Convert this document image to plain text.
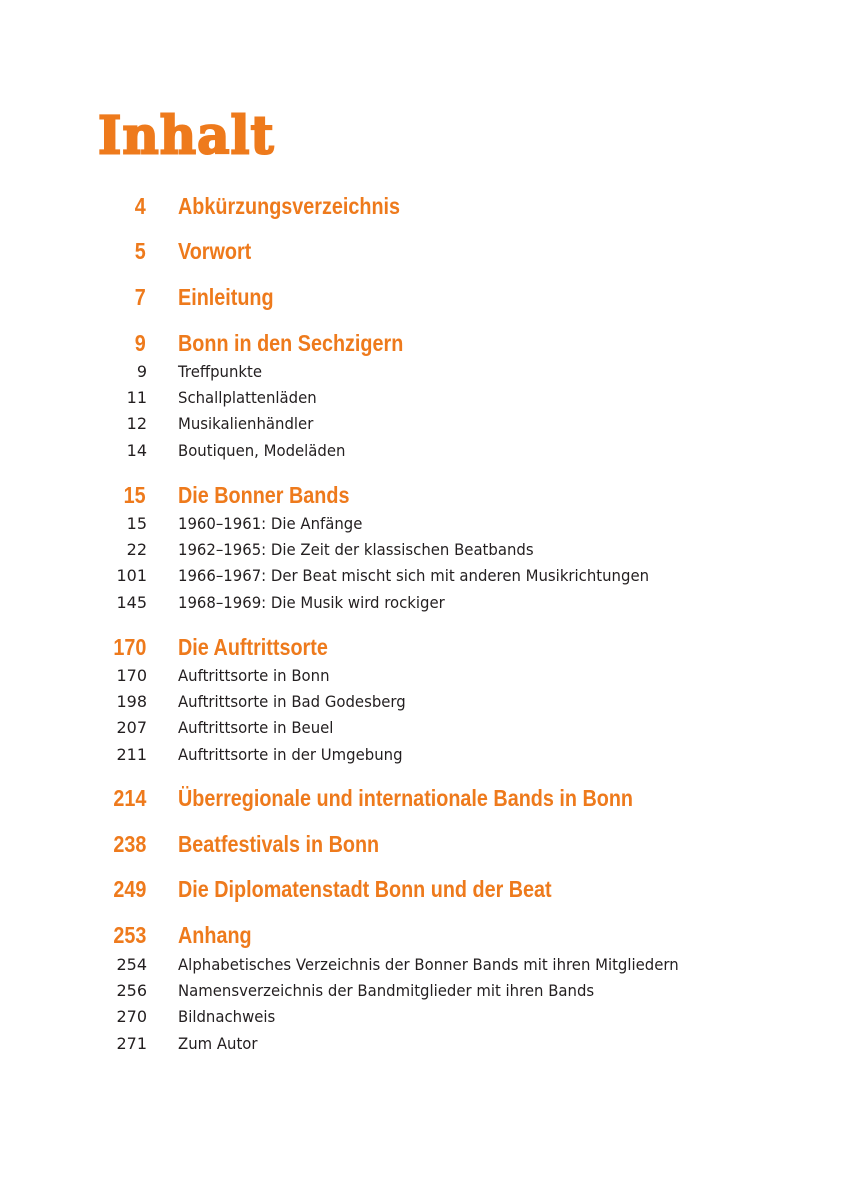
Inhalt
4 Abkürzungsverzeichnis
5 Vorwort
7 Einleitung
9 Bonn in den Sechzigern
9 Treffpunkte
11 Schallplattenläden
12 Musikalienhändler
14 Boutiquen, Modeläden
15 Die Bonner Bands
15 1960–1961: Die Anfänge
22 1962–1965: Die Zeit der klassischen Beatbands
101 1966–1967: Der Beat mischt sich mit anderen Musikrichtungen
145 1968–1969: Die Musik wird rockiger
170 Die Auftrittsorte
170 Auftrittsorte in Bonn
198 Auftrittsorte in Bad Godesberg
207 Auftrittsorte in Beuel
211 Auftrittsorte in der Umgebung
214 Überregionale und internationale Bands in Bonn
238 Beatfestivals in Bonn
249 Die Diplomatenstadt Bonn und der Beat
253 Anhang
254 Alphabetisches Verzeichnis der Bonner Bands mit ihren Mitgliedern
256 Namensverzeichnis der Bandmitglieder mit ihren Bands
270 Bildnachweis
271 Zum Autor
